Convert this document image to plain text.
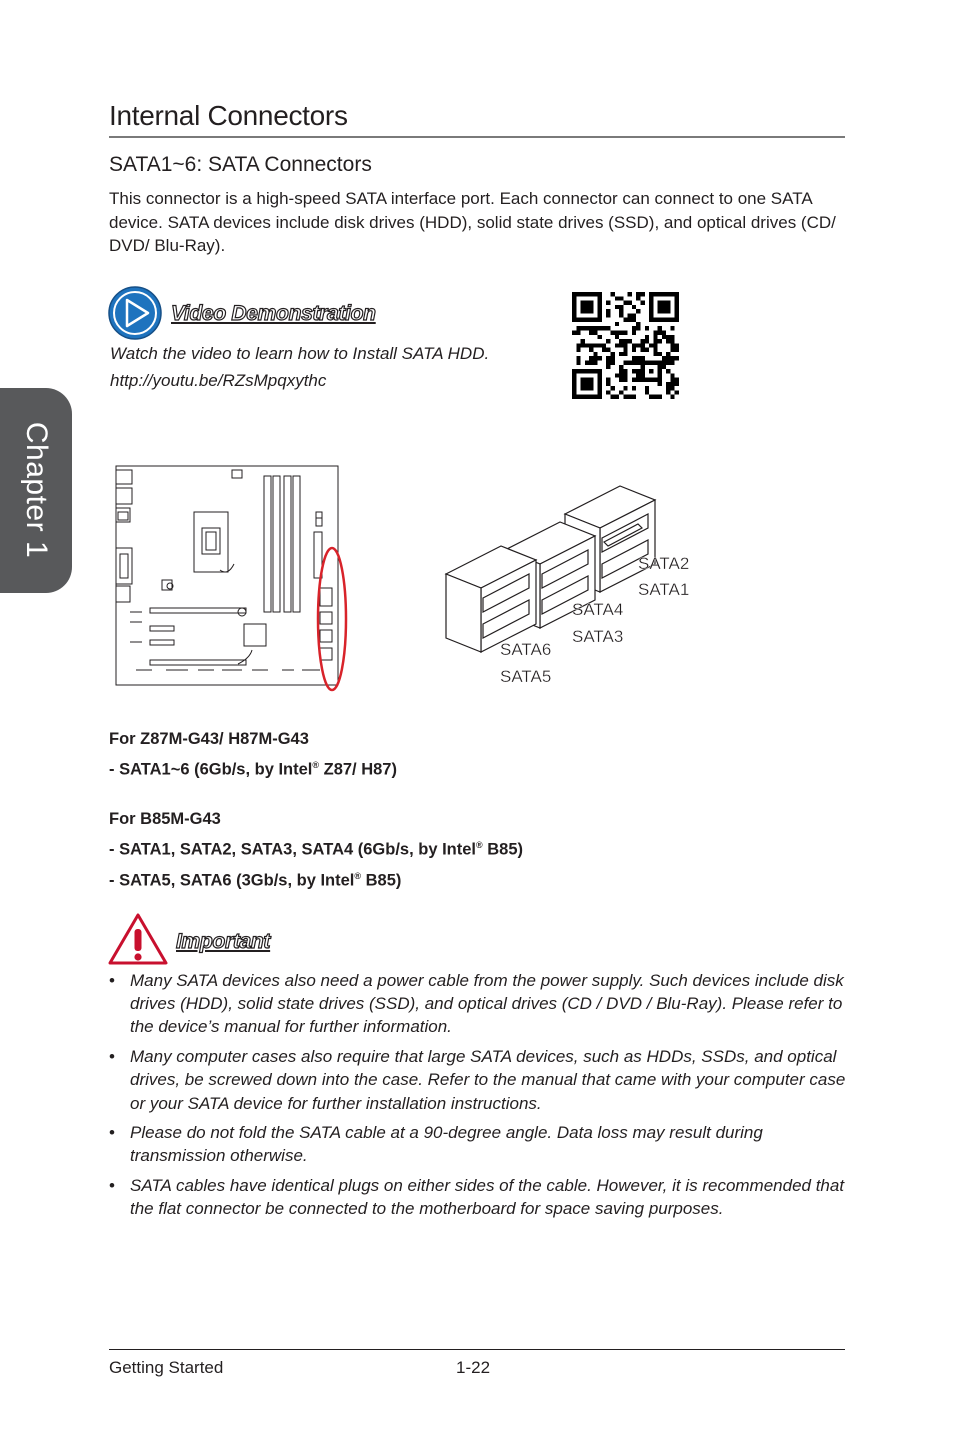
Chapter 1
Internal Connectors
SATA1~6: SATA Connectors

This connector is a high-speed SATA interface port. Each connector can connect to one SATA device. SATA devices include disk drives (HDD), solid state drives (SSD), and optical drives (CD/ DVD/ Blu-Ray).

Video Demonstration
Watch the video to learn how to Install SATA HDD.
http://youtu.be/RZsMpqxythc
SATA2
SATA1
SATA4
SATA3
SATA6
SATA5
For Z87M-G43/ H87M-G43
- SATA1~6 (6Gb/s, by Intel® Z87/ H87)
For B85M-G43
- SATA1, SATA2, SATA3, SATA4 (6Gb/s, by Intel® B85)
- SATA5, SATA6 (3Gb/s, by Intel® B85)
Important
• Many SATA devices also need a power cable from the power supply. Such devices include disk drives (HDD), solid state drives (SSD), and optical drives (CD / DVD / Blu-Ray). Please refer to the device’s manual for further information.
• Many computer cases also require that large SATA devices, such as HDDs, SSDs, and optical drives, be screwed down into the case. Refer to the manual that came with your computer case or your SATA device for further installation instructions.
• Please do not fold the SATA cable at a 90-degree angle. Data loss may result during transmission otherwise.
• SATA cables have identical plugs on either sides of the cable. However, it is recommended that the flat connector be connected to the motherboard for space saving purposes.
Getting Started	1-22
